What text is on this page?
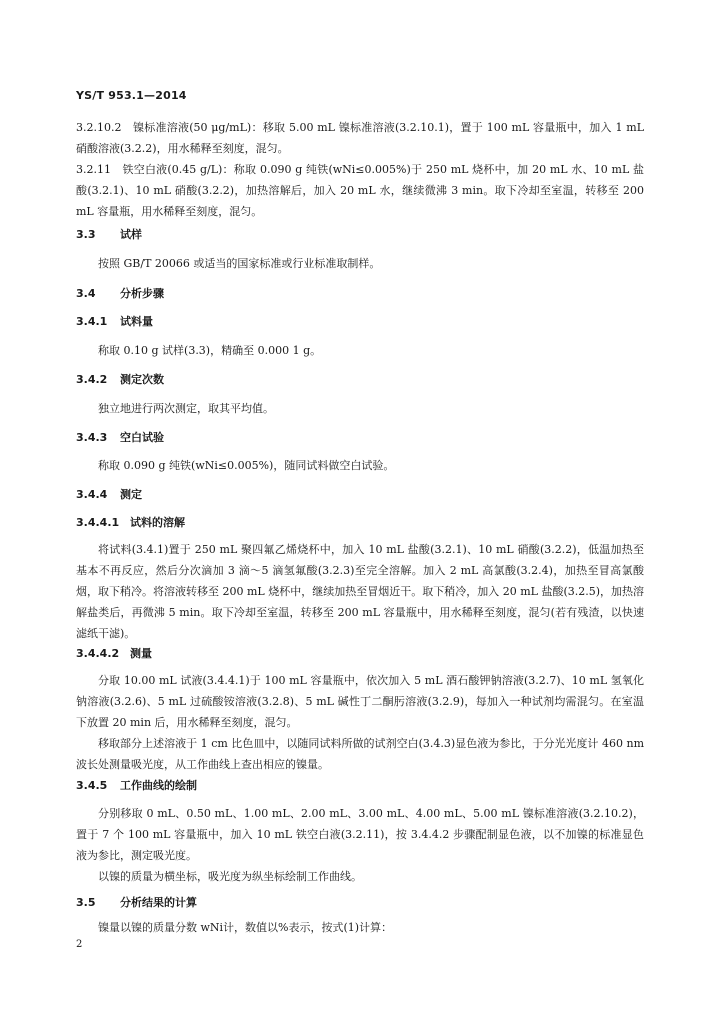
YS/T 953.1—2014
3.2.10.2　镍标准溶液(50 μg/mL)：移取 5.00 mL 镍标准溶液(3.2.10.1)，置于 100 mL 容量瓶中，加入 1 mL 硝酸溶液(3.2.2)，用水稀释至刻度，混匀。
3.2.11　铁空白液(0.45 g/L)：称取 0.090 g 纯铁(wNi≤0.005%)于 250 mL 烧杯中，加 20 mL 水、10 mL 盐酸(3.2.1)、10 mL 硝酸(3.2.2)，加热溶解后，加入 20 mL 水，继续微沸 3 min。取下冷却至室温，转移至 200 mL 容量瓶，用水稀释至刻度，混匀。
3.3 试样
按照 GB/T 20066 或适当的国家标准或行业标准取制样。
3.4 分析步骤
3.4.1 试料量
称取 0.10 g 试样(3.3)，精确至 0.000 1 g。
3.4.2 测定次数
独立地进行两次测定，取其平均值。
3.4.3 空白试验
称取 0.090 g 纯铁(wNi≤0.005%)，随同试料做空白试验。
3.4.4 测定
3.4.4.1 试料的溶解
将试料(3.4.1)置于 250 mL 聚四氟乙烯烧杯中，加入 10 mL 盐酸(3.2.1)、10 mL 硝酸(3.2.2)，低温加热至基本不再反应，然后分次滴加 3 滴～5 滴氢氟酸(3.2.3)至完全溶解。加入 2 mL 高氯酸(3.2.4)，加热至冒高氯酸烟，取下稍冷。将溶液转移至 200 mL 烧杯中，继续加热至冒烟近干。取下稍冷，加入 20 mL 盐酸(3.2.5)，加热溶解盐类后，再微沸 5 min。取下冷却至室温，转移至 200 mL 容量瓶中，用水稀释至刻度，混匀(若有残渣，以快速滤纸干滤)。
3.4.4.2 测量
分取 10.00 mL 试液(3.4.4.1)于 100 mL 容量瓶中，依次加入 5 mL 酒石酸钾钠溶液(3.2.7)、10 mL 氢氧化钠溶液(3.2.6)、5 mL 过硫酸铵溶液(3.2.8)、5 mL 碱性丁二酮肟溶液(3.2.9)，每加入一种试剂均需混匀。在室温下放置 20 min 后，用水稀释至刻度，混匀。
移取部分上述溶液于 1 cm 比色皿中，以随同试料所做的试剂空白(3.4.3)显色液为参比，于分光光度计 460 nm 波长处测量吸光度，从工作曲线上查出相应的镍量。
3.4.5 工作曲线的绘制
分别移取 0 mL、0.50 mL、1.00 mL、2.00 mL、3.00 mL、4.00 mL、5.00 mL 镍标准溶液(3.2.10.2)，置于 7 个 100 mL 容量瓶中，加入 10 mL 铁空白液(3.2.11)，按 3.4.4.2 步骤配制显色液，以不加镍的标准显色液为参比，测定吸光度。
以镍的质量为横坐标，吸光度为纵坐标绘制工作曲线。
3.5 分析结果的计算
镍量以镍的质量分数 wNi计，数值以%表示，按式(1)计算：
2
